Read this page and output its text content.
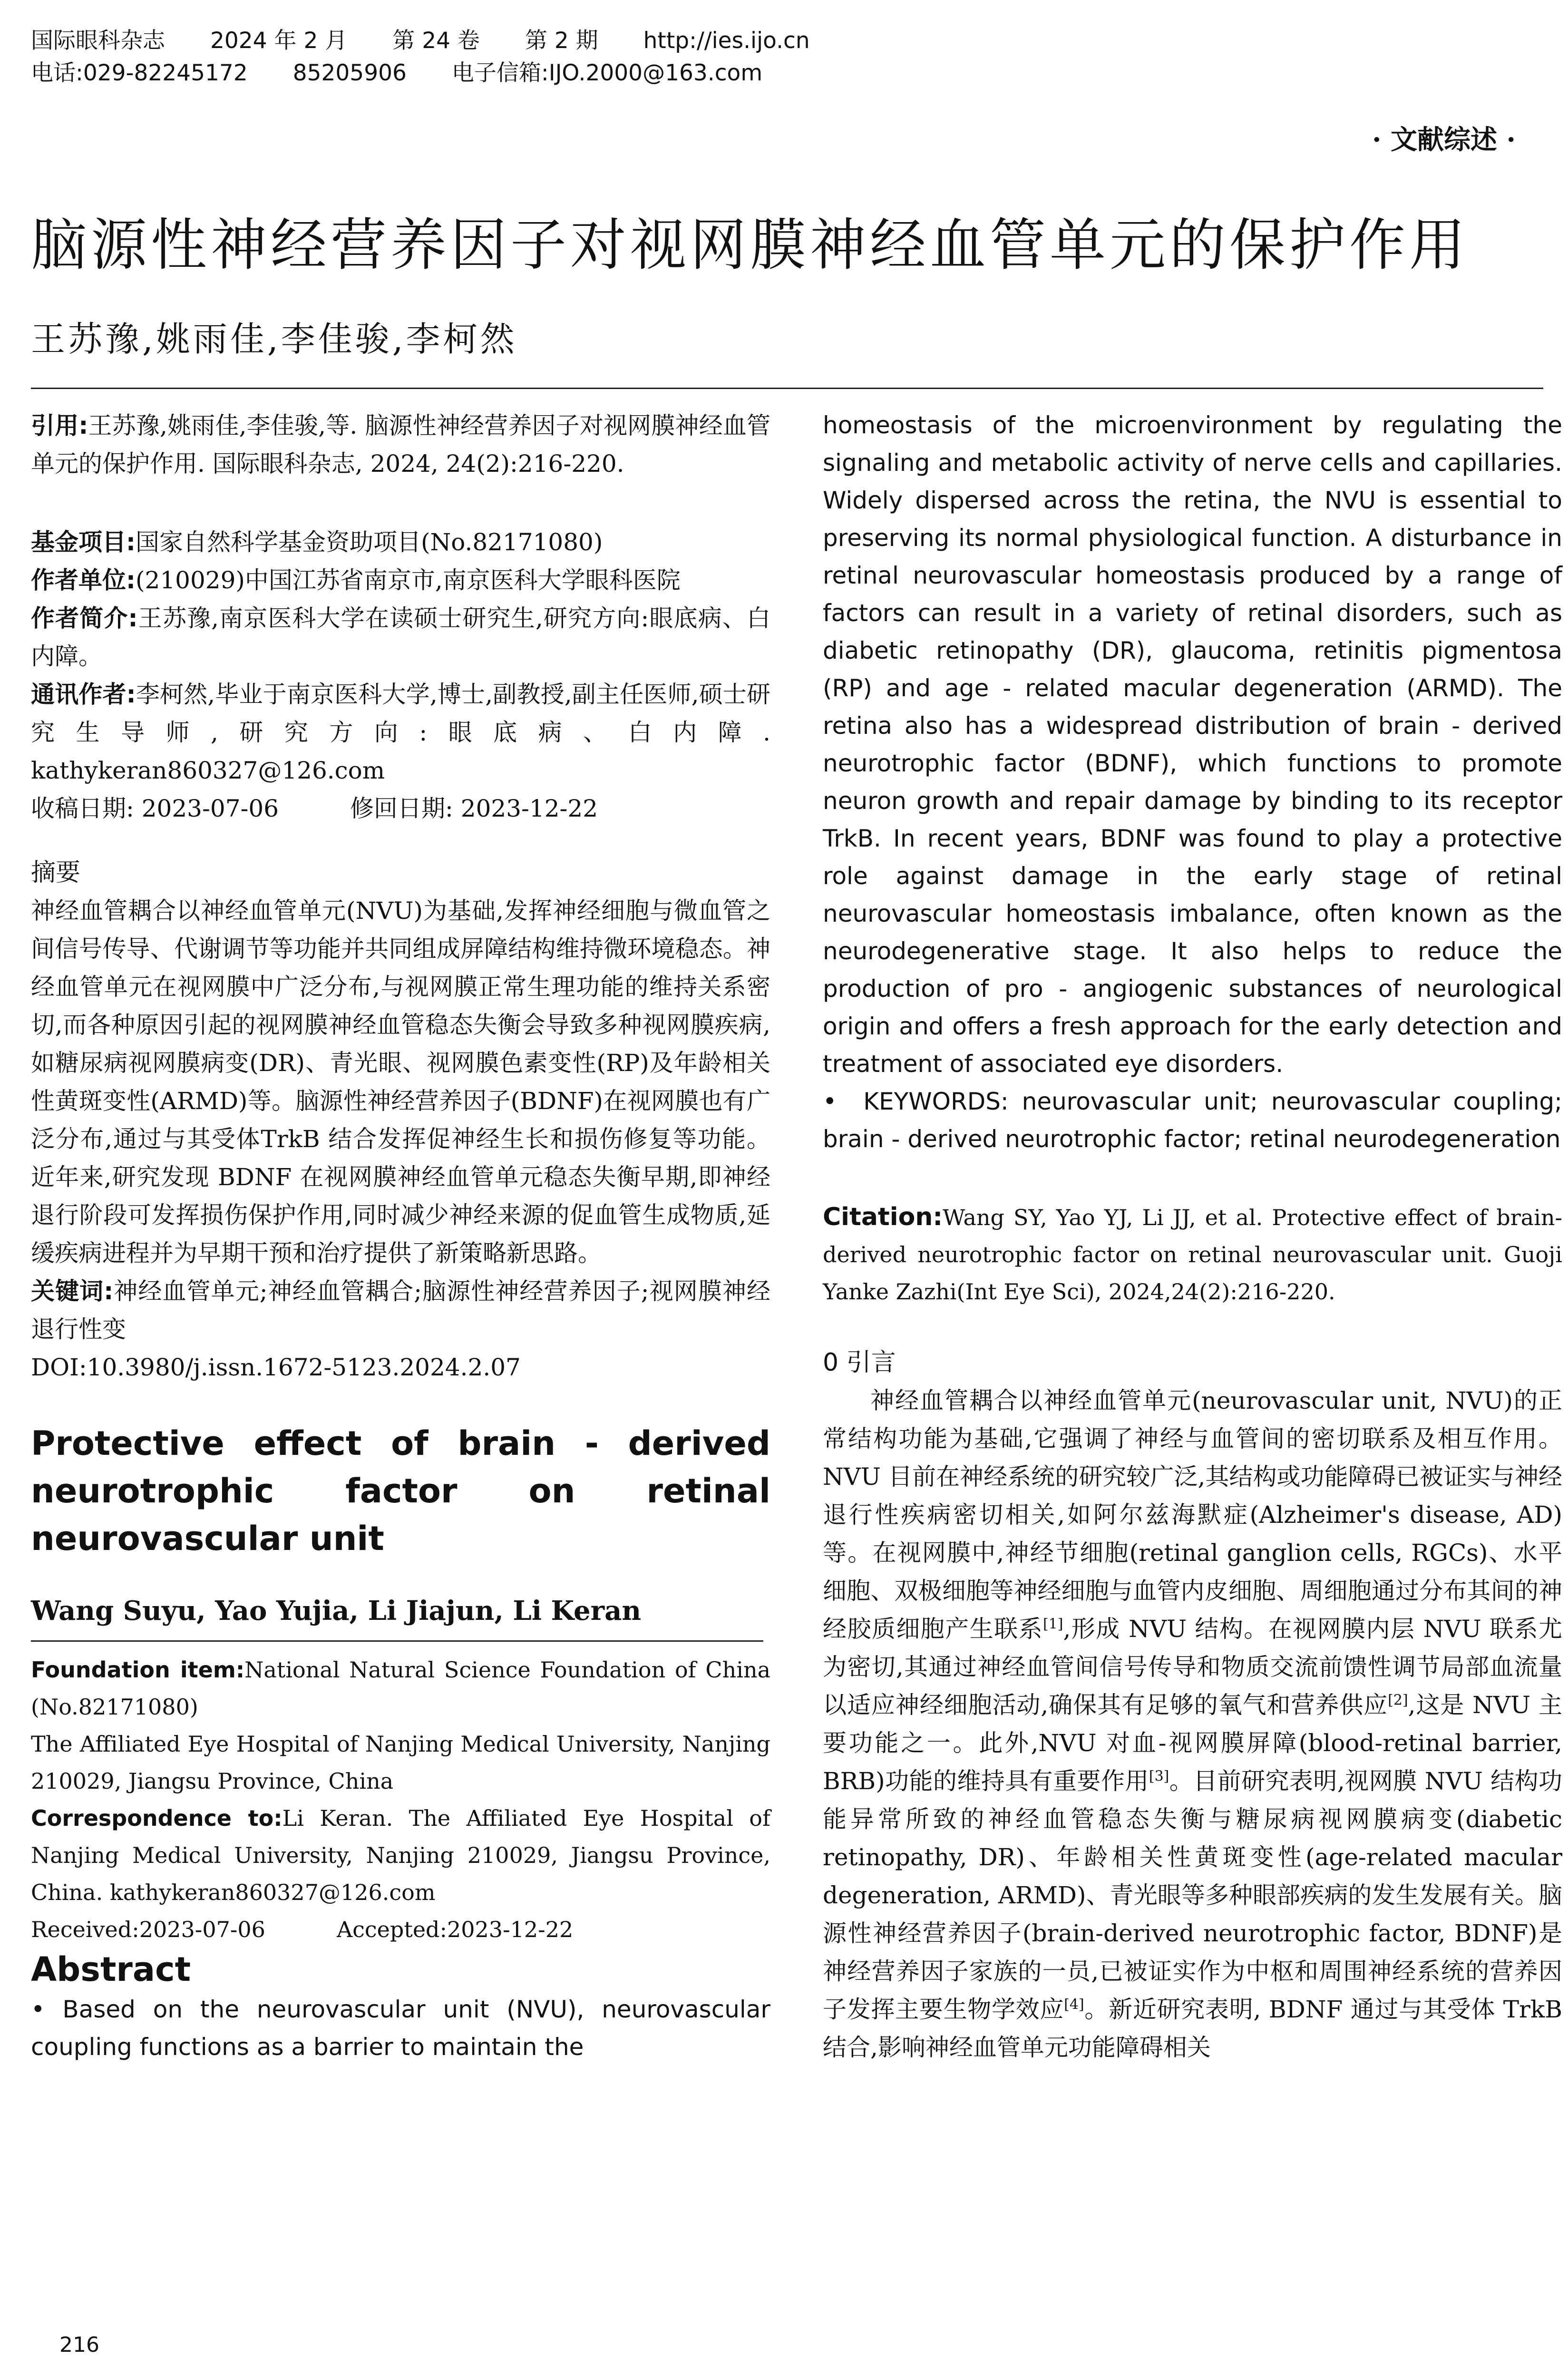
国际眼科杂志 2024 年 2 月 第 24 卷 第 2 期 http://ies.ijo.cn
电话:029-82245172 85205906 电子信箱:IJO.2000@163.com
· 文献综述 ·
脑源性神经营养因子对视网膜神经血管单元的保护作用
王苏豫,姚雨佳,李佳骏,李柯然

引用:王苏豫,姚雨佳,李佳骏,等. 脑源性神经营养因子对视网膜神经血管单元的保护作用. 国际眼科杂志, 2024, 24(2):216-220.

基金项目:国家自然科学基金资助项目(No.82171080)

作者单位:(210029)中国江苏省南京市,南京医科大学眼科医院

作者简介:王苏豫,南京医科大学在读硕士研究生,研究方向:眼底病、白内障。

通讯作者:李柯然,毕业于南京医科大学,博士,副教授,副主任医师,硕士研究生导师,研究方向:眼底病、白内障. kathykeran860327@126.com

收稿日期: 2023-07-06	修回日期: 2023-12-22

摘要

神经血管耦合以神经血管单元(NVU)为基础,发挥神经细胞与微血管之间信号传导、代谢调节等功能并共同组成屏障结构维持微环境稳态。神经血管单元在视网膜中广泛分布,与视网膜正常生理功能的维持关系密切,而各种原因引起的视网膜神经血管稳态失衡会导致多种视网膜疾病,如糖尿病视网膜病变(DR)、青光眼、视网膜色素变性(RP)及年龄相关性黄斑变性(ARMD)等。脑源性神经营养因子(BDNF)在视网膜也有广泛分布,通过与其受体TrkB 结合发挥促神经生长和损伤修复等功能。近年来,研究发现 BDNF 在视网膜神经血管单元稳态失衡早期,即神经退行阶段可发挥损伤保护作用,同时减少神经来源的促血管生成物质,延缓疾病进程并为早期干预和治疗提供了新策略新思路。

关键词:神经血管单元;神经血管耦合;脑源性神经营养因子;视网膜神经退行性变

DOI:10.3980/j.issn.1672-5123.2024.2.07

Protective effect of brain - derived

neurotrophic factor on retinal

neurovascular unit

Wang Suyu, Yao Yujia, Li Jiajun, Li Keran

Foundation item:National Natural Science Foundation of China (No.82171080)

The Affiliated Eye Hospital of Nanjing Medical University, Nanjing 210029, Jiangsu Province, China

Correspondence to:Li Keran. The Affiliated Eye Hospital of Nanjing Medical University, Nanjing 210029, Jiangsu Province, China. kathykeran860327@126.com

Received:2023-07-06	Accepted:2023-12-22

Abstract

• Based on the neurovascular unit (NVU), neurovascular coupling functions as a barrier to maintain the

homeostasis of the microenvironment by regulating the signaling and metabolic activity of nerve cells and capillaries. Widely dispersed across the retina, the NVU is essential to preserving its normal physiological function. A disturbance in retinal neurovascular homeostasis produced by a range of factors can result in a variety of retinal disorders, such as diabetic retinopathy (DR), glaucoma, retinitis pigmentosa (RP) and age - related macular degeneration (ARMD). The retina also has a widespread distribution of brain - derived neurotrophic factor (BDNF), which functions to promote neuron growth and repair damage by binding to its receptor TrkB. In recent years, BDNF was found to play a protective role against damage in the early stage of retinal neurovascular homeostasis imbalance, often known as the neurodegenerative stage. It also helps to reduce the production of pro - angiogenic substances of neurological origin and offers a fresh approach for the early detection and treatment of associated eye disorders.

• KEYWORDS: neurovascular unit; neurovascular coupling; brain - derived neurotrophic factor; retinal neurodegeneration

Citation:Wang SY, Yao YJ, Li JJ, et al. Protective effect of brain-derived neurotrophic factor on retinal neurovascular unit. Guoji Yanke Zazhi(Int Eye Sci), 2024,24(2):216-220.

0 引言

神经血管耦合以神经血管单元(neurovascular unit, NVU)的正常结构功能为基础,它强调了神经与血管间的密切联系及相互作用。NVU 目前在神经系统的研究较广泛,其结构或功能障碍已被证实与神经退行性疾病密切相关,如阿尔兹海默症(Alzheimer's disease, AD)等。在视网膜中,神经节细胞(retinal ganglion cells, RGCs)、水平细胞、双极细胞等神经细胞与血管内皮细胞、周细胞通过分布其间的神经胶质细胞产生联系[1],形成 NVU 结构。在视网膜内层 NVU 联系尤为密切,其通过神经血管间信号传导和物质交流前馈性调节局部血流量以适应神经细胞活动,确保其有足够的氧气和营养供应[2],这是 NVU 主要功能之一。此外,NVU 对血-视网膜屏障(blood-retinal barrier, BRB)功能的维持具有重要作用[3]。目前研究表明,视网膜 NVU 结构功能异常所致的神经血管稳态失衡与糖尿病视网膜病变(diabetic retinopathy, DR)、年龄相关性黄斑变性(age-related macular degeneration, ARMD)、青光眼等多种眼部疾病的发生发展有关。脑源性神经营养因子(brain-derived neurotrophic factor, BDNF)是神经营养因子家族的一员,已被证实作为中枢和周围神经系统的营养因子发挥主要生物学效应[4]。新近研究表明, BDNF 通过与其受体 TrkB 结合,影响神经血管单元功能障碍相关

216
